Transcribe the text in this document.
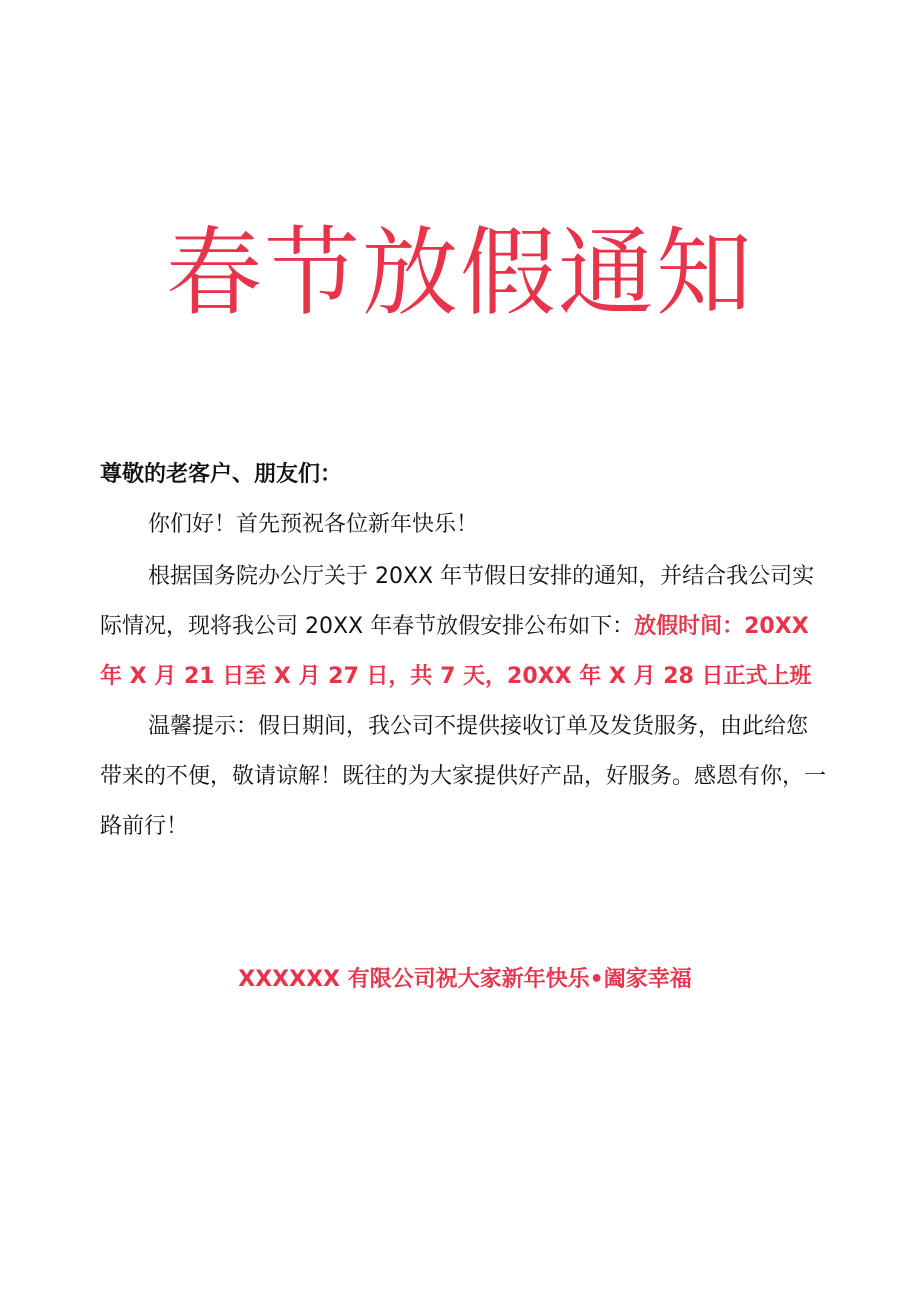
春节放假通知

尊敬的老客户、朋友们：

你们好！首先预祝各位新年快乐！

根据国务院办公厅关于 20XX 年节假日安排的通知，并结合我公司实际情况，现将我公司 20XX 年春节放假安排公布如下：放假时间：20XX 年 X 月 21 日至 X 月 27 日，共 7 天，20XX 年 X 月 28 日正式上班

温馨提示：假日期间，我公司不提供接收订单及发货服务，由此给您带来的不便，敬请谅解！既往的为大家提供好产品，好服务。感恩有你，一路前行！

XXXXXX 有限公司祝大家新年快乐•阖家幸福
